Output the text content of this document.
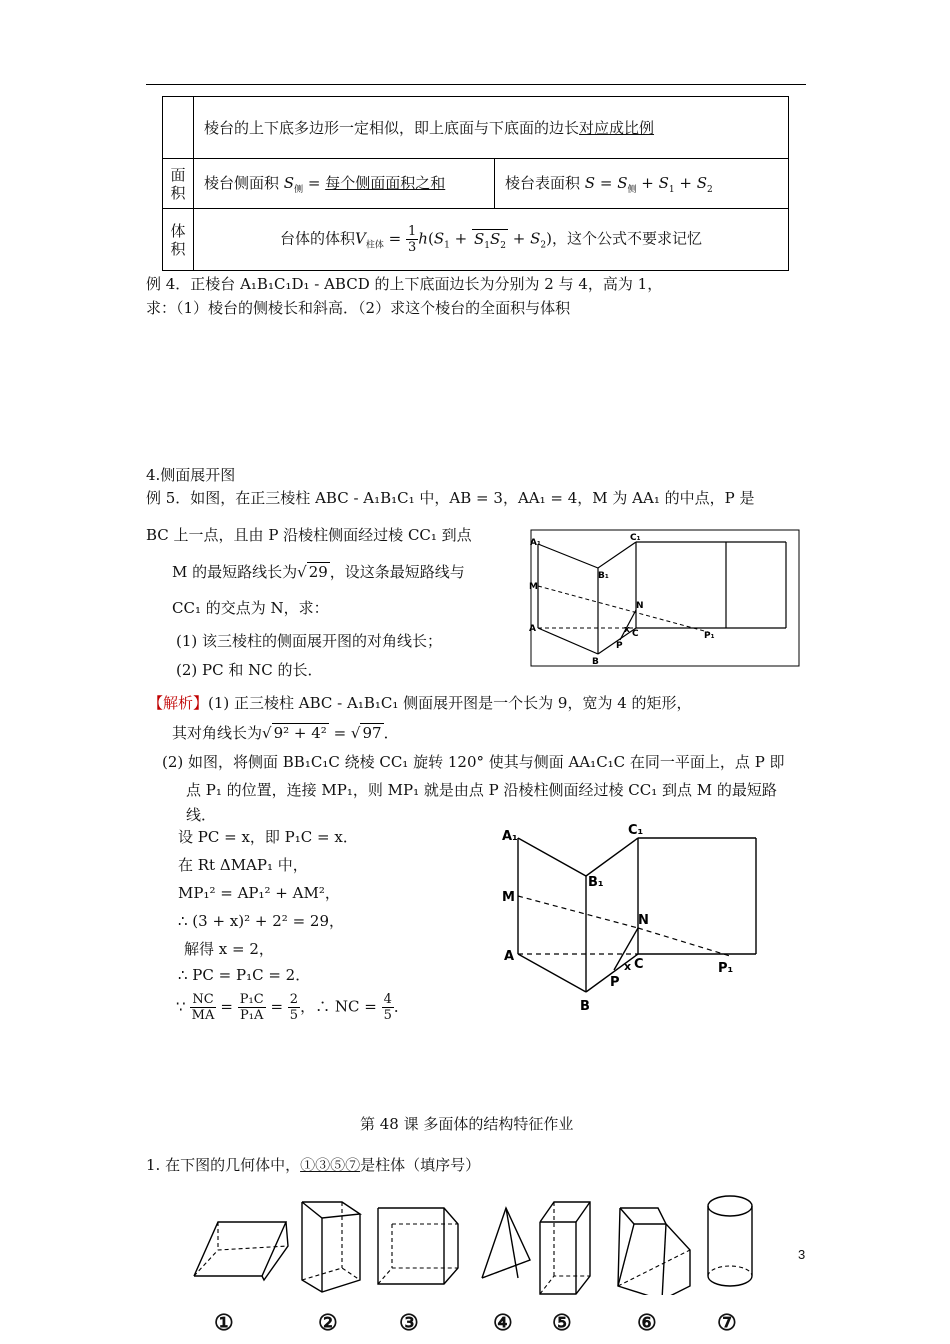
	棱台的上下底多边形一定相似，即上底面与下底面的边长对应成比例	
面积	棱台侧面积 $S_侧$ = 每个侧面面积之和	棱台表面积 $S = S_侧 + S_1 + S_2$
体积	台体的体积$V_{柱体} = \frac{1}{3} h(S_1 + S_1S_2 + S_2)$，这个公式不要求记忆	
例 4．正棱台 A₁B₁C₁D₁ - ABCD 的上下底面边长为分别为 2 与 4，高为 1，
求：（1）棱台的侧棱长和斜高．（2）求这个棱台的全面积与体积
4.侧面展开图
例 5．如图，在正三棱柱 ABC - A₁B₁C₁ 中，AB = 3，AA₁ = 4，M 为 AA₁ 的中点，P 是
BC 上一点，且由 P 沿棱柱侧面经过棱 CC₁ 到点
M 的最短路线长为√ 29 ，设这条最短路线与
CC₁ 的交点为 N，求：
(1) 该三棱柱的侧面展开图的对角线长；
(2) PC 和 NC 的长．
A₁	C₁
B₁
M
N
A	C
x
P
P₁
B
【解析】(1) 正三棱柱 ABC - A₁B₁C₁ 侧面展开图是一个长为 9，宽为 4 的矩形，
其对角线长为√ 9² + 4² = √ 97 ．
(2) 如图，将侧面 BB₁C₁C 绕棱 CC₁ 旋转 120° 使其与侧面 AA₁C₁C 在同一平面上，点 P 即
点 P₁ 的位置，连接 MP₁，则 MP₁ 就是由点 P 沿棱柱侧面经过棱 CC₁ 到点 M 的最短路
线．
设 PC = x，即 P₁C = x．
在 Rt ΔMAP₁ 中，
MP₁² = AP₁² + AM²，
∴ (3 + x)² + 2² = 29，
解得 x = 2，
∴ PC = P₁C = 2．
∵ $\frac{NC}{MA} = \frac{\text{P₁C}}{\text{P₁A}} = \frac{2}{5}$ ，∴ NC = $\frac{4}{5}$ ．
A₁	C₁
B₁
M
N
A
C
x
P
P₁
B
第 48 课 多面体的结构特征作业
1. 在下图的几何体中，①③⑤⑦是柱体（填序号）
①	②	③	④ ⑤	⑥	⑦
3
